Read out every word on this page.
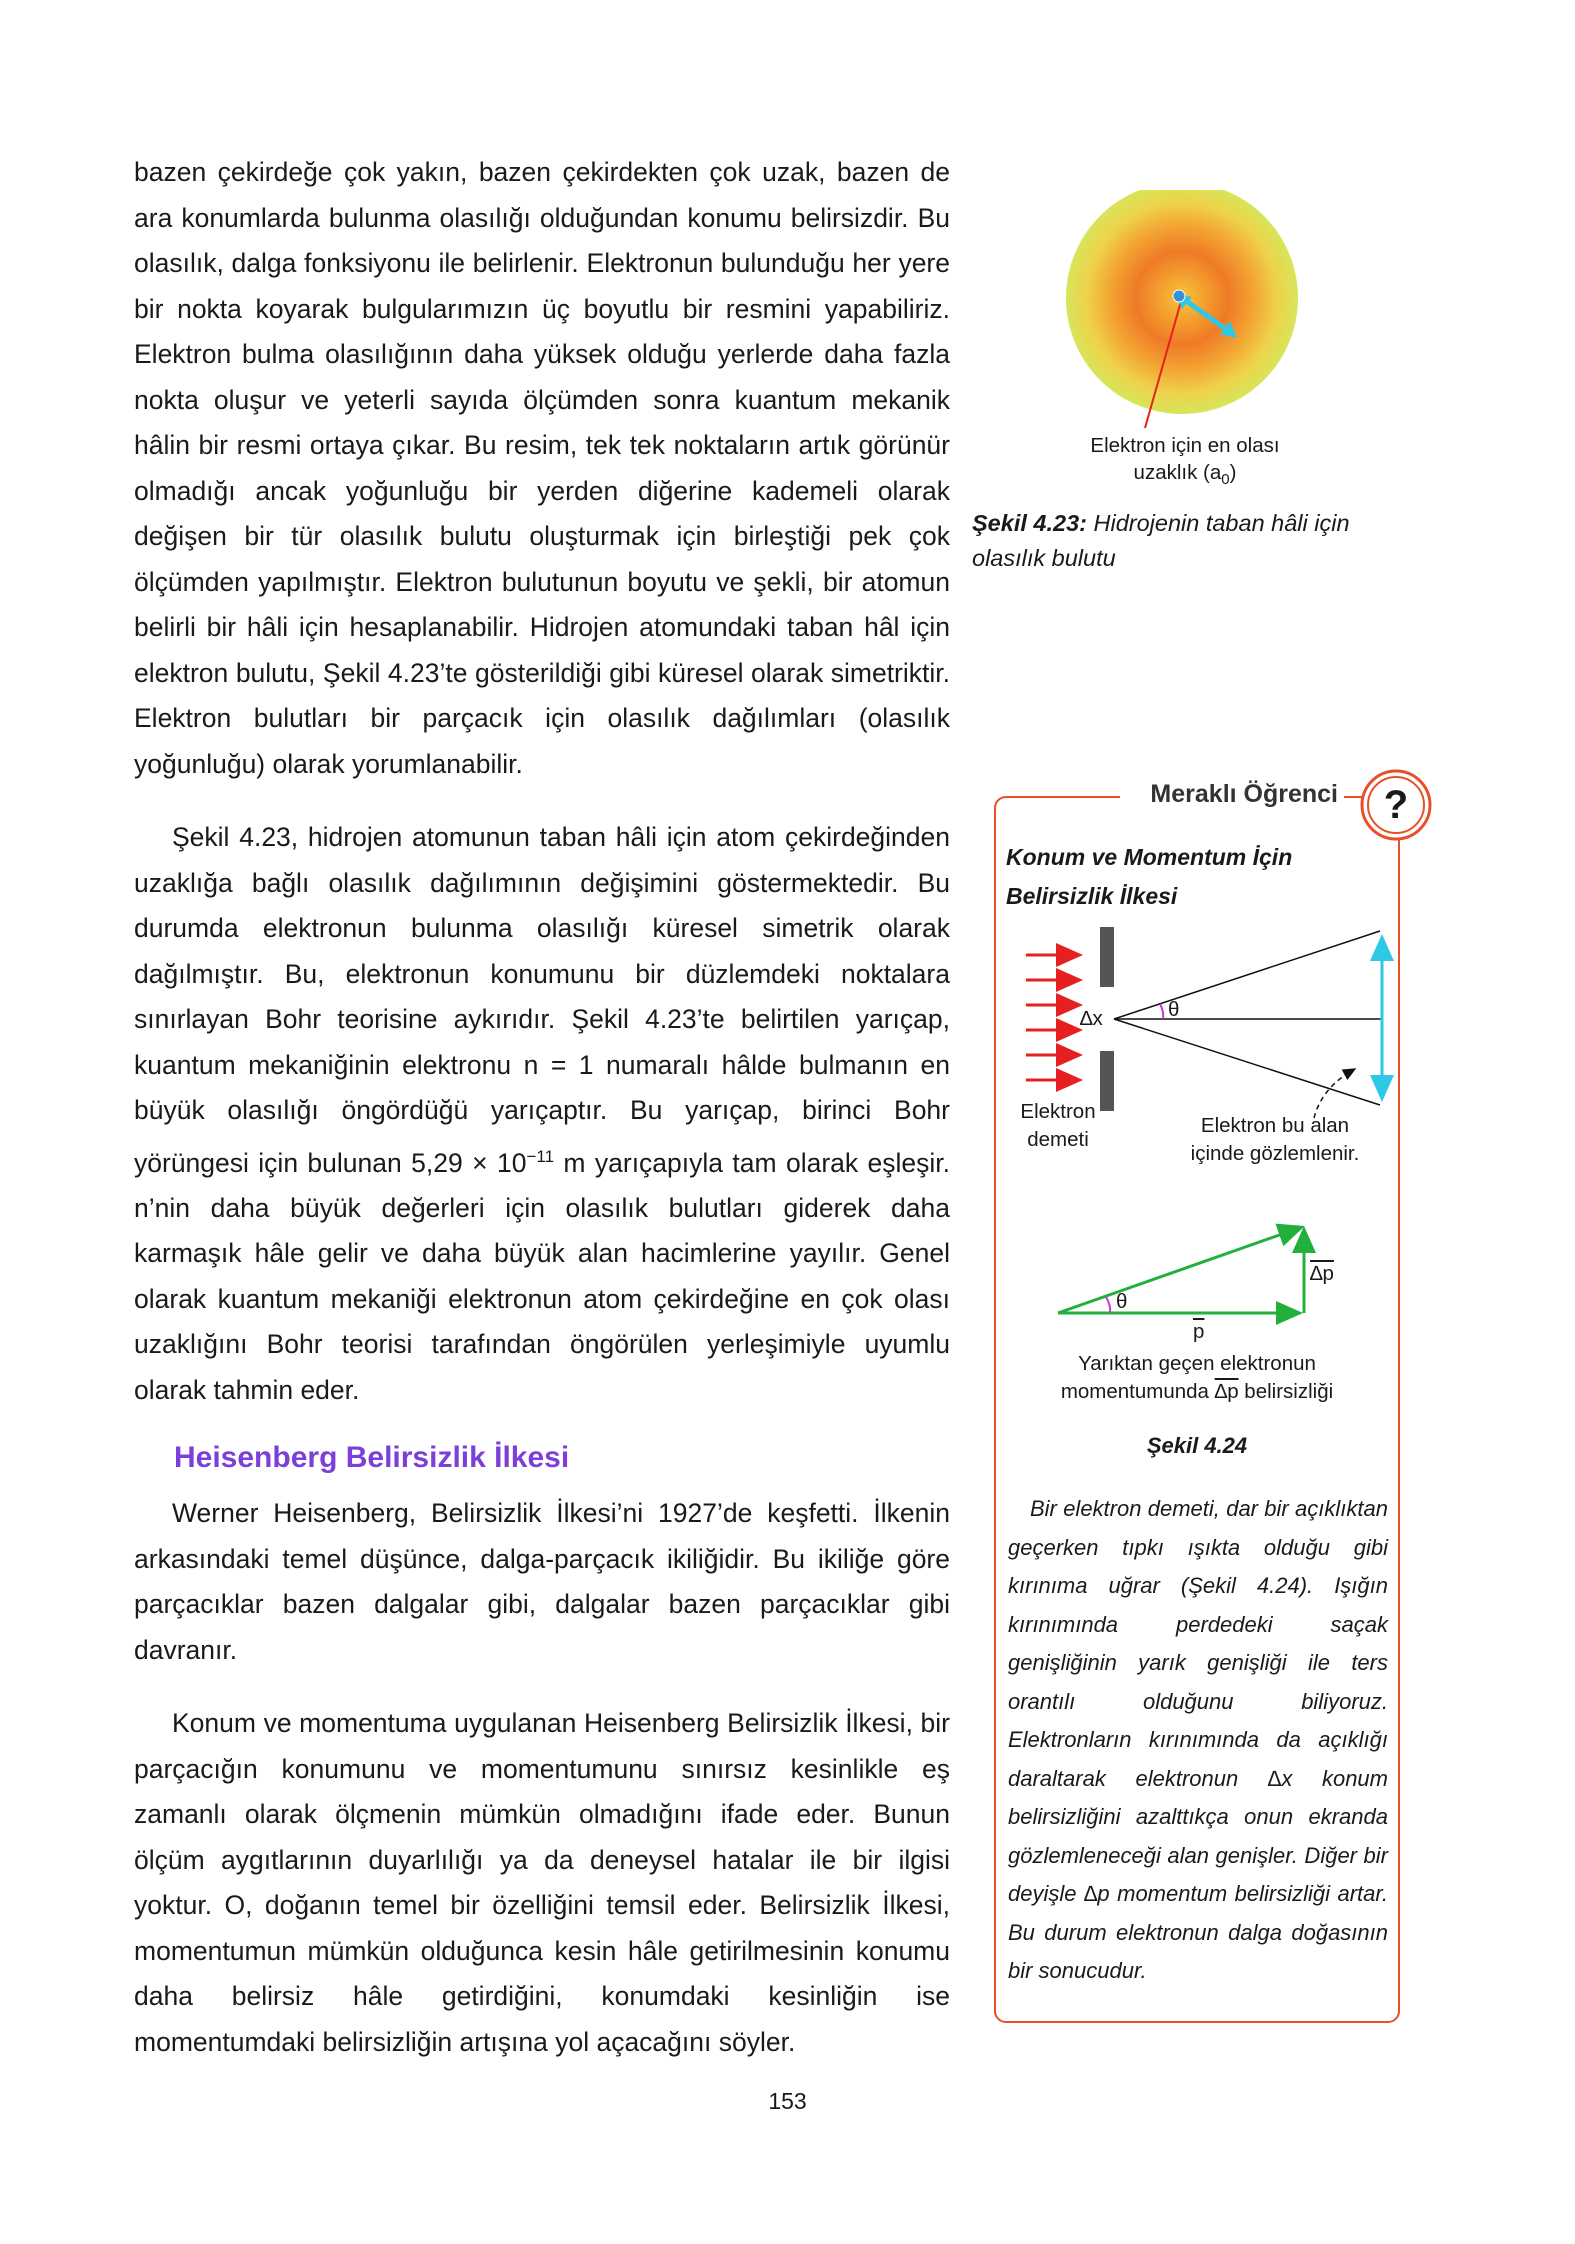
bazen çekirdeğe çok yakın, bazen çekirdekten çok uzak, bazen de ara konumlarda bulunma olasılığı olduğundan konumu belirsizdir. Bu olasılık, dalga fonksiyonu ile belirlenir. Elektronun bulunduğu her yere bir nokta koyarak bulgularımızın üç boyutlu bir resmini yapabiliriz. Elektron bulma olasılığının daha yüksek olduğu yerlerde daha fazla nokta oluşur ve yeterli sayıda ölçümden sonra kuantum mekanik hâlin bir resmi ortaya çıkar. Bu resim, tek tek noktaların artık görünür olmadığı ancak yoğunluğu bir yerden diğerine kademeli olarak değişen bir tür olasılık bulutu oluşturmak için birleştiği pek çok ölçümden yapılmıştır. Elektron bulutunun boyutu ve şekli, bir atomun belirli bir hâli için hesaplanabilir. Hidrojen atomundaki taban hâl için elektron bulutu, Şekil 4.23’te gösterildiği gibi küresel olarak simetriktir. Elektron bulutları bir parçacık için olasılık dağılımları (olasılık yoğunluğu) olarak yorumlanabilir.

Şekil 4.23, hidrojen atomunun taban hâli için atom çekirdeğinden uzaklığa bağlı olasılık dağılımının değişimini göstermektedir. Bu durumda elektronun bulunma olasılığı küresel simetrik olarak dağılmıştır. Bu, elektronun konumunu bir düzlemdeki noktalara sınırlayan Bohr teorisine aykırıdır. Şekil 4.23’te belirtilen yarıçap, kuantum mekaniğinin elektronu n = 1 numaralı hâlde bulmanın en büyük olasılığı öngördüğü yarıçaptır. Bu yarıçap, birinci Bohr yörüngesi için bulunan $5,29 \times 10^{-11}$ m yarıçapıyla tam olarak eşleşir. n’nin daha büyük değerleri için olasılık bulutları giderek daha karmaşık hâle gelir ve daha büyük alan hacimlerine yayılır. Genel olarak kuantum mekaniği elektronun atom çekirdeğine en çok olası uzaklığını Bohr teorisi tarafından öngörülen yerleşimiyle uyumlu olarak tahmin eder.

Heisenberg Belirsizlik İlkesi

Werner Heisenberg, Belirsizlik İlkesi’ni 1927’de keşfetti. İlkenin arkasındaki temel düşünce, dalga-parçacık ikiliğidir. Bu ikiliğe göre parçacıklar bazen dalgalar gibi, dalgalar bazen parçacıklar gibi davranır.

Konum ve momentuma uygulanan Heisenberg Belirsizlik İlkesi, bir parçacığın konumunu ve momentumunu sınırsız kesinlikle eş zamanlı olarak ölçmenin mümkün olmadığını ifade eder. Bunun ölçüm aygıtlarının duyarlılığı ya da deneysel hatalar ile bir ilgisi yoktur. O, doğanın temel bir özelliğini temsil eder. Belirsizlik İlkesi, momentumun mümkün olduğunca kesin hâle getirilmesinin konumu daha belirsiz hâle getirdiğini, konumdaki kesinliğin ise momentumdaki belirsizliğin artışına yol açacağını söyler.

Elektron için en olası
uzaklık $(a_0)$
Şekil 4.23: Hidrojenin taban hâli için olasılık bulutu
Meraklı Öğrenci ?
Konum ve Momentum İçin
Belirsizlik İlkesi
∆x	θ
Elektron
demeti
Elektron bu alan
içinde gözlemlenir.
∆p
θ
$\overline{p}$
Yarıktan geçen elektronun
momentumunda ∆p belirsizliği
Şekil 4.24

Bir elektron demeti, dar bir açıklıktan geçerken tıpkı ışıkta olduğu gibi kırınıma uğrar (Şekil 4.24). Işığın kırınımında perdedeki saçak genişliğinin yarık genişliği ile ters orantılı olduğunu biliyoruz. Elektronların kırınımında da açıklığı daraltarak elektronun ∆x konum belirsizliğini azalttıkça onun ekranda gözlemleneceği alan genişler. Diğer bir deyişle ∆p momentum belirsizliği artar. Bu durum elektronun dalga doğasının bir sonucudur.

153
